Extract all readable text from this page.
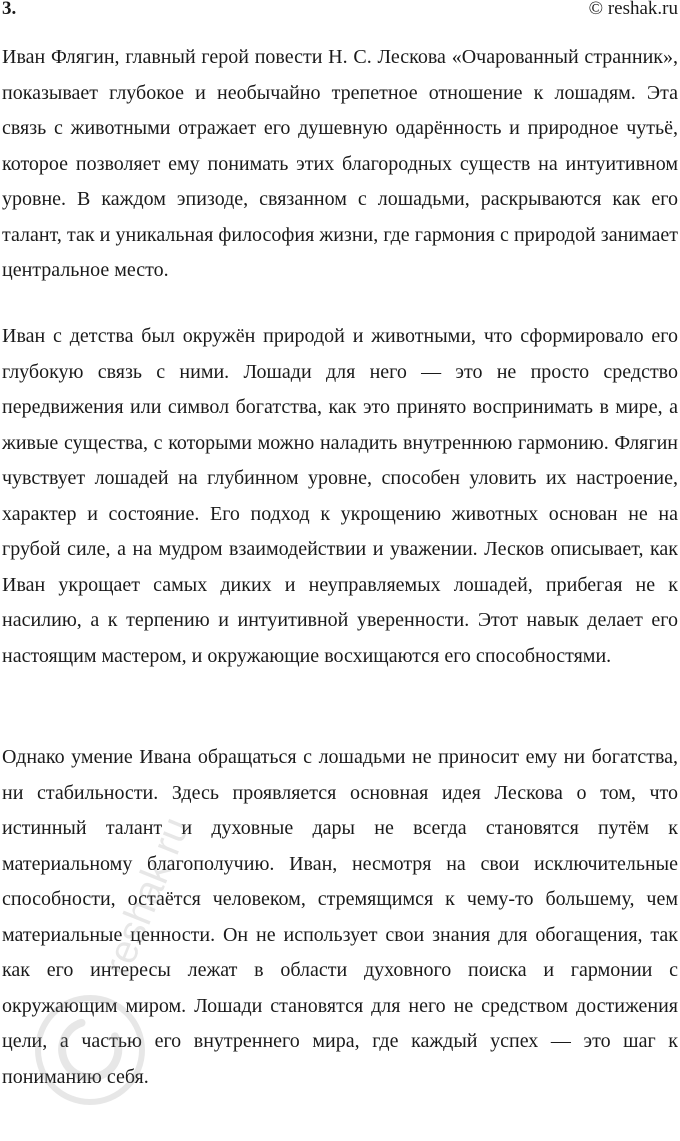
3.	© reshak.ru

Иван Флягин, главный герой повести Н. С. Лескова «Очарованный странник», показывает глубокое и необычайно трепетное отношение к лошадям. Эта связь с животными отражает его душевную одарённость и природное чутьё, которое позволяет ему понимать этих благородных существ на интуитивном уровне. В каждом эпизоде, связанном с лошадьми, раскрываются как его талант, так и уникальная философия жизни, где гармония с природой занимает центральное место.

Иван с детства был окружён природой и животными, что сформировало его глубокую связь с ними. Лошади для него — это не просто средство передвижения или символ богатства, как это принято воспринимать в мире, а живые существа, с которыми можно наладить внутреннюю гармонию. Флягин чувствует лошадей на глубинном уровне, способен уловить их настроение, характер и состояние. Его подход к укрощению животных основан не на грубой силе, а на мудром взаимодействии и уважении. Лесков описывает, как Иван укрощает самых диких и неуправляемых лошадей, прибегая не к насилию, а к терпению и интуитивной уверенности. Этот навык делает его настоящим мастером, и окружающие восхищаются его способностями.

Однако умение Ивана обращаться с лошадьми не приносит ему ни богатства, ни стабильности. Здесь проявляется основная идея Лескова о том, что истинный талант и духовные дары не всегда становятся путём к материальному благополучию. Иван, несмотря на свои исключительные способности, остаётся человеком, стремящимся к чему-то большему, чем материальные ценности. Он не использует свои знания для обогащения, так как его интересы лежат в области духовного поиска и гармонии с окружающим миром. Лошади становятся для него не средством достижения цели, а частью его внутреннего мира, где каждый успех — это шаг к пониманию себя.

reshak.ru
